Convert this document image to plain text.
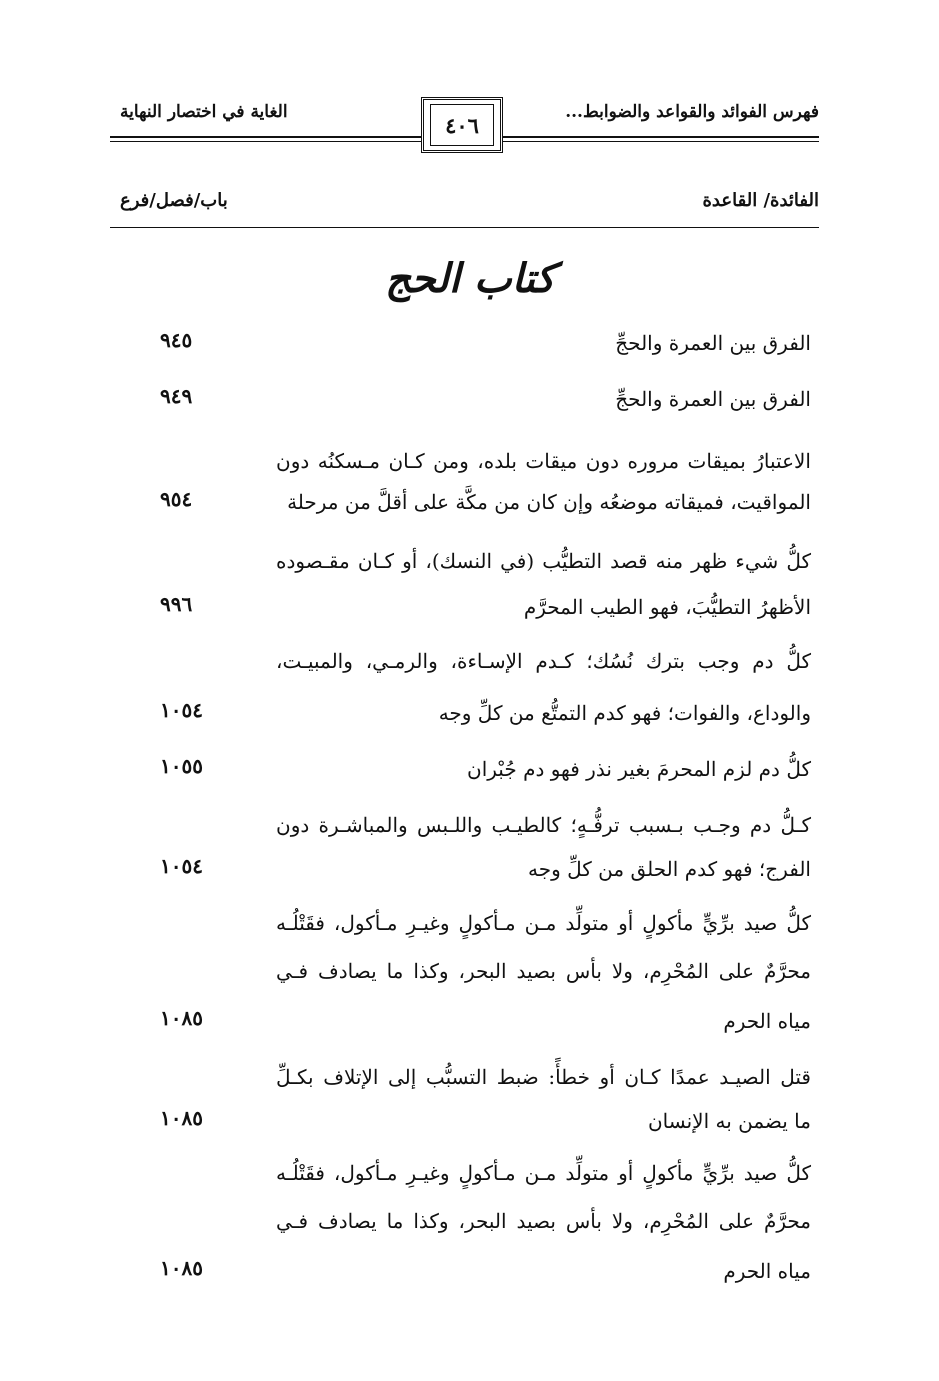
فهرس الفوائد والقواعد والضوابط...
الغاية في اختصار النهاية
٤٠٦
الفائدة/ القاعدة
باب/فصل/فرع
كتاب الحج
الفرق بين العمرة والحجِّ
٩٤٥
الفرق بين العمرة والحجِّ
٩٤٩
الاعتبارُ بميقات مروره دون ميقات بلده، ومن كـان مـسكنُه دون
المواقيت، فميقاته موضعُه وإن كان من مكَّة على أقلَّ من مرحلة
٩٥٤
كلُّ شيء ظهر منه قصد التطيُّب (في النسك)، أو كـان مقـصوده
الأظهرُ التطيُّبَ، فهو الطيب المحرَّم
٩٩٦
كلُّ دم وجب بترك نُسُك؛ كـدم الإسـاءة، والرمـي، والمبيـت،
والوداع، والفوات؛ فهو كدم التمتُّع من كلِّ وجه
١٠٥٤
كلُّ دم لزم المحرمَ بغير نذر فهو دم جُبْران
١٠٥٥
كـلُّ دم وجـب بـسبب ترفُّـهٍ؛ كالطيـب واللـبس والمباشـرة دون
الفرج؛ فهو كدم الحلق من كلِّ وجه
١٠٥٤
كلُّ صيد برِّيٍّ مأكولٍ أو متولِّد مـن مـأكولٍ وغيـرِ مـأكول، فقَتْلُـه
محرَّمٌ على المُحْرِم، ولا بأس بصيد البحر، وكذا ما يصادف فـي
مياه الحرم
١٠٨٥
قتل الصيـد عمدًا كـان أو خطأً: ضبط التسبُّب إلى الإتلاف بكـلِّ
ما يضمن به الإنسان
١٠٨٥
كلُّ صيد برِّيٍّ مأكولٍ أو متولِّد مـن مـأكولٍ وغيـرِ مـأكول، فقَتْلُـه
محرَّمٌ على المُحْرِم، ولا بأس بصيد البحر، وكذا ما يصادف فـي
مياه الحرم
١٠٨٥
